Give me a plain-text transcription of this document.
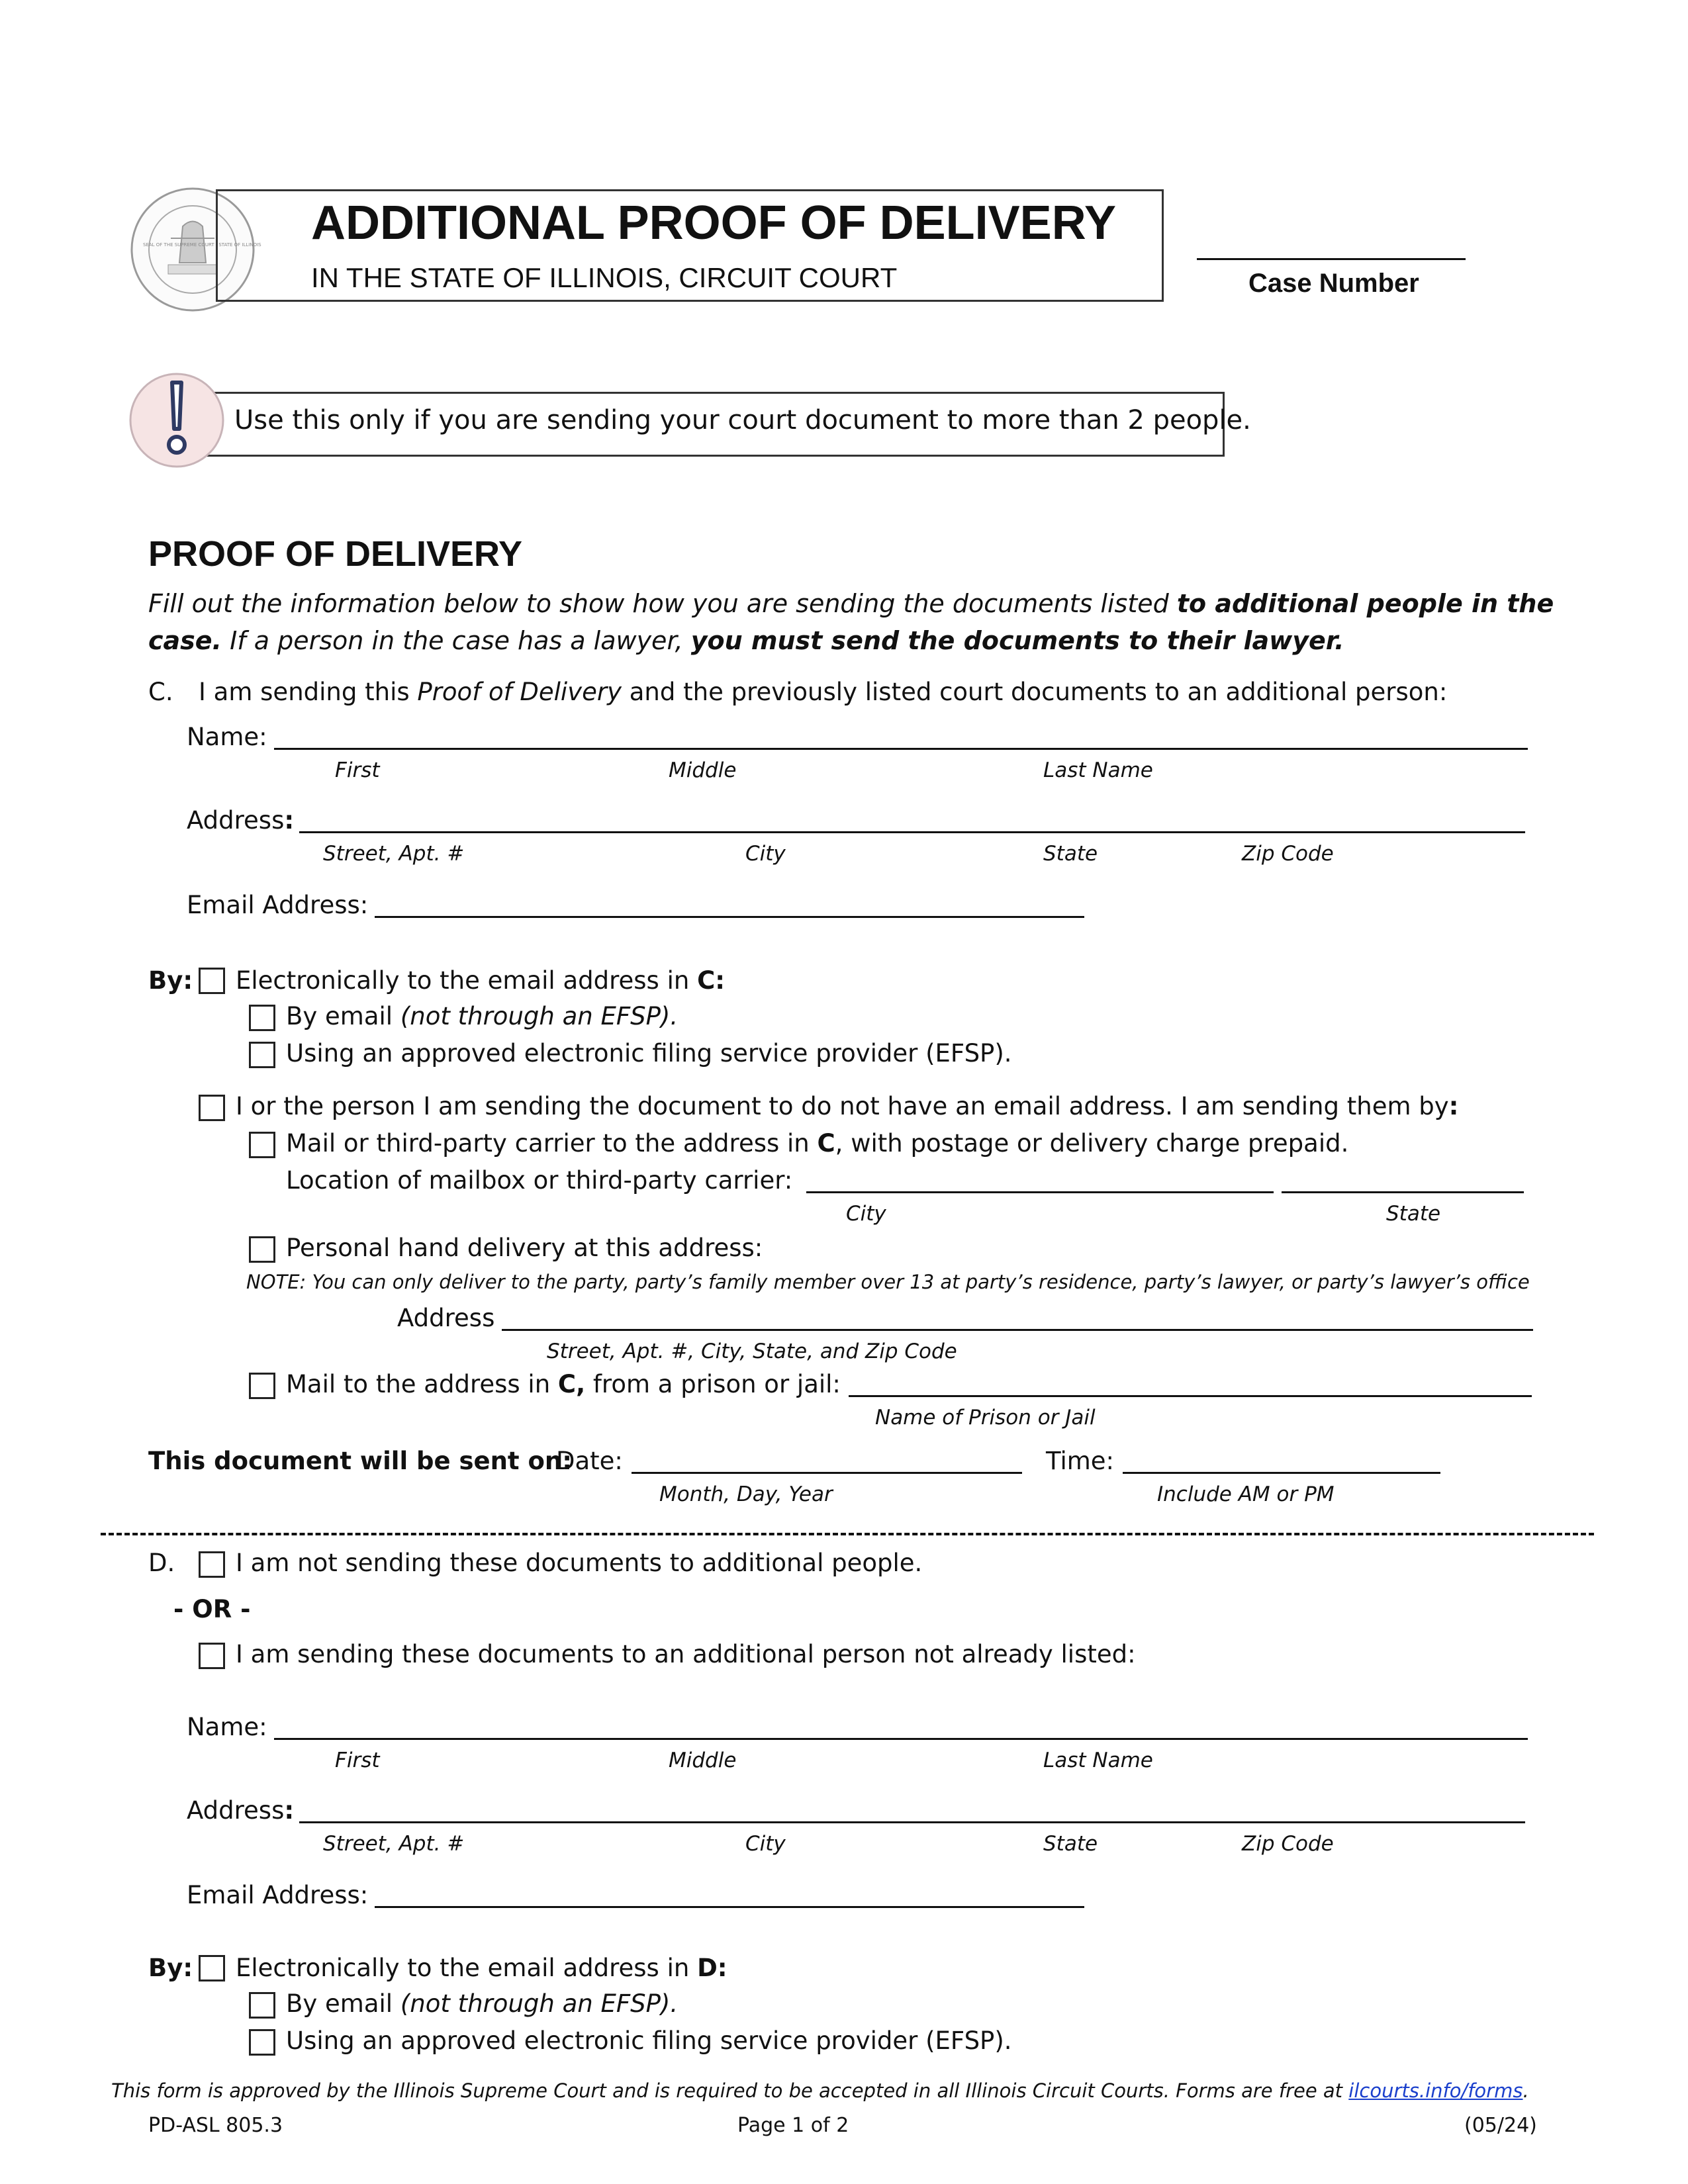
SEAL OF THE SUPREME COURT · STATE OF ILLINOIS ADDITIONAL PROOF OF DELIVERY
IN THE STATE OF ILLINOIS, CIRCUIT COURT	Case Number
Use this only if you are sending your court document to more than 2 people.
PROOF OF DELIVERY
Fill out the information below to show how you are sending the documents listed to additional people in the
case. If a person in the case has a lawyer, you must send the documents to their lawyer.
C. I am sending this Proof of Delivery and the previously listed court documents to an additional person:
Name:
First	Middle	Last Name
Address:
Street, Apt. #	City	State	Zip Code
Email Address:
By: Electronically to the email address in C:
By email (not through an EFSP).
Using an approved electronic filing service provider (EFSP).
I or the person I am sending the document to do not have an email address. I am sending them by:
Mail or third-party carrier to the address in C, with postage or delivery charge prepaid.
Location of mailbox or third-party carrier:
City	State
Personal hand delivery at this address:
NOTE: You can only deliver to the party, party’s family member over 13 at party’s residence, party’s lawyer, or party’s lawyer’s office
Address
Street, Apt. #, City, State, and Zip Code
Mail to the address in C, from a prison or jail:
Name of Prison or Jail
This document will be sent on:
Date:
Month, Day, Year
Time:
Include AM or PM
D. I am not sending these documents to additional people.
- OR -
I am sending these documents to an additional person not already listed:
Name:
First	Middle	Last Name
Address:
Street, Apt. #	City	State	Zip Code
Email Address:
By: Electronically to the email address in D:
By email (not through an EFSP).
Using an approved electronic filing service provider (EFSP).
This form is approved by the Illinois Supreme Court and is required to be accepted in all Illinois Circuit Courts. Forms are free at ilcourts.info/forms.
PD-ASL 805.3	Page 1 of 2	(05/24)
